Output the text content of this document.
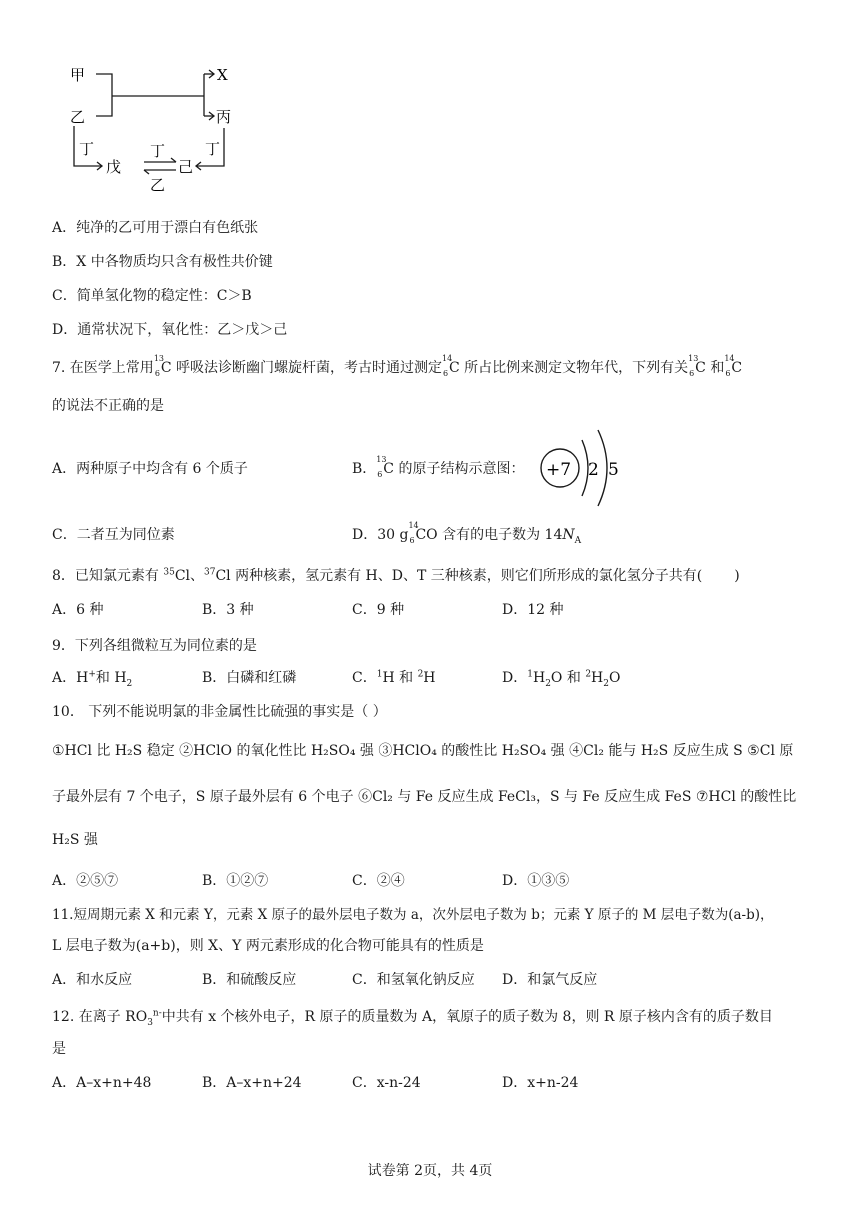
甲
乙
X
丙
丁
戊
丁
己
丁
乙
A．纯净的乙可用于漂白有色纸张
B．X 中各物质均只含有极性共价键
C．简单氢化物的稳定性：C＞B
D．通常状况下，氧化性：乙＞戊＞己
7. 在医学上常用
13
6 C 呼吸法诊断幽门螺旋杆菌，考古时通过测定
14
6 C 所占比例来测定文物年代，下列有关
13
6 C 和
14
6 C
的说法不正确的是
A．两种原子中均含有 6 个质子	B．
13
6 C 的原子结构示意图： +7 2 5
C．二者互为同位素	D．30 g
14
6 CO 含有的电子数为 $14N_A$
8．已知氯元素有 $^{35}$Cl、$^{37}$Cl 两种核素，氢元素有 H、D、T 三种核素，则它们所形成的氯化氢分子共有( )
A．6 种	B．3 种	C．9 种	D．12 种
9．下列各组微粒互为同位素的是
A．H+和 $H_2$	B．白磷和红磷	C．$^1$H 和 $^2$H	D．$^1H_2O$ 和 $^2H_2O$
10． 下列不能说明氯的非金属性比硫强的事实是（ ）
①HCl 比 H₂S 稳定 ②HClO 的氧化性比 H₂SO₄ 强 ③HClO₄ 的酸性比 H₂SO₄ 强 ④Cl₂ 能与 H₂S 反应生成 S ⑤Cl 原
子最外层有 7 个电子，S 原子最外层有 6 个电子 ⑥Cl₂ 与 Fe 反应生成 FeCl₃，S 与 Fe 反应生成 FeS ⑦HCl 的酸性比
H₂S 强
A．②⑤⑦	B．①②⑦	C．②④	D．①③⑤
11.短周期元素 X 和元素 Y，元素 X 原子的最外层电子数为 a，次外层电子数为 b；元素 Y 原子的 M 层电子数为(a-b)，
L 层电子数为(a+b)，则 X、Y 两元素形成的化合物可能具有的性质是
A．和水反应	B．和硫酸反应	C．和氢氧化钠反应 D．和氯气反应
12. 在离子 $RO_3^{n-}$中共有 x 个核外电子，R 原子的质量数为 A，氧原子的质子数为 8，则 R 原子核内含有的质子数目
是
A．A–x+n+48	B．A–x+n+24	C．x-n-24	D．x+n-24
试卷第 2页，共 4页
